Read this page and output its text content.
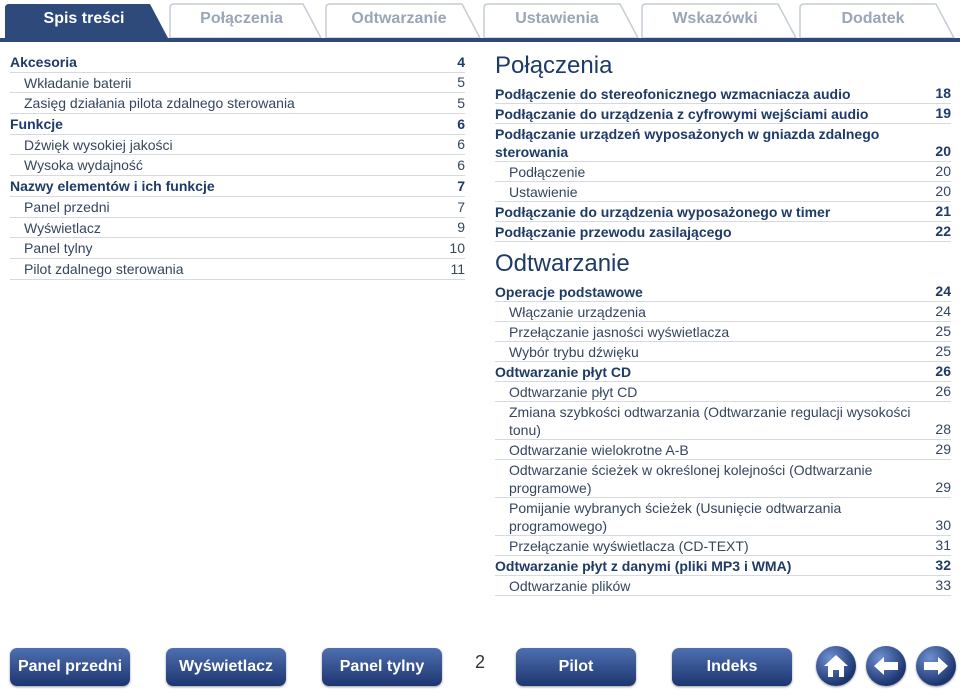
Spis treści	Połączenia	Odtwarzanie	Ustawienia	Wskazówki	Dodatek
Akcesoria	4
Wkładanie baterii	5
Zasięg działania pilota zdalnego sterowania	5
Funkcje	6
Dźwięk wysokiej jakości	6
Wysoka wydajność	6
Nazwy elementów i ich funkcje	7
Panel przedni	7
Wyświetlacz	9
Panel tylny	10
Pilot zdalnego sterowania	11
Połączenia
Podłączenie do stereofonicznego wzmacniacza audio	18
Podłączanie do urządzenia z cyfrowymi wejściami audio	19
Podłączanie urządzeń wyposażonych w gniazda zdalnego sterowania	20
Podłączenie	20
Ustawienie	20
Podłączanie do urządzenia wyposażonego w timer	21
Podłączanie przewodu zasilającego	22
Odtwarzanie
Operacje podstawowe	24
Włączanie urządzenia	24
Przełączanie jasności wyświetlacza	25
Wybór trybu dźwięku	25
Odtwarzanie płyt CD	26
Odtwarzanie płyt CD	26
Zmiana szybkości odtwarzania (Odtwarzanie regulacji wysokości tonu)	28
Odtwarzanie wielokrotne A-B	29
Odtwarzanie ścieżek w określonej kolejności (Odtwarzanie programowe)	29
Pomijanie wybranych ścieżek (Usunięcie odtwarzania programowego)	30
Przełączanie wyświetlacza (CD-TEXT)	31
Odtwarzanie płyt z danymi (pliki MP3 i WMA)	32
Odtwarzanie plików	33
Panel przedni	Wyświetlacz	Panel tylny	2	Pilot	Indeks
